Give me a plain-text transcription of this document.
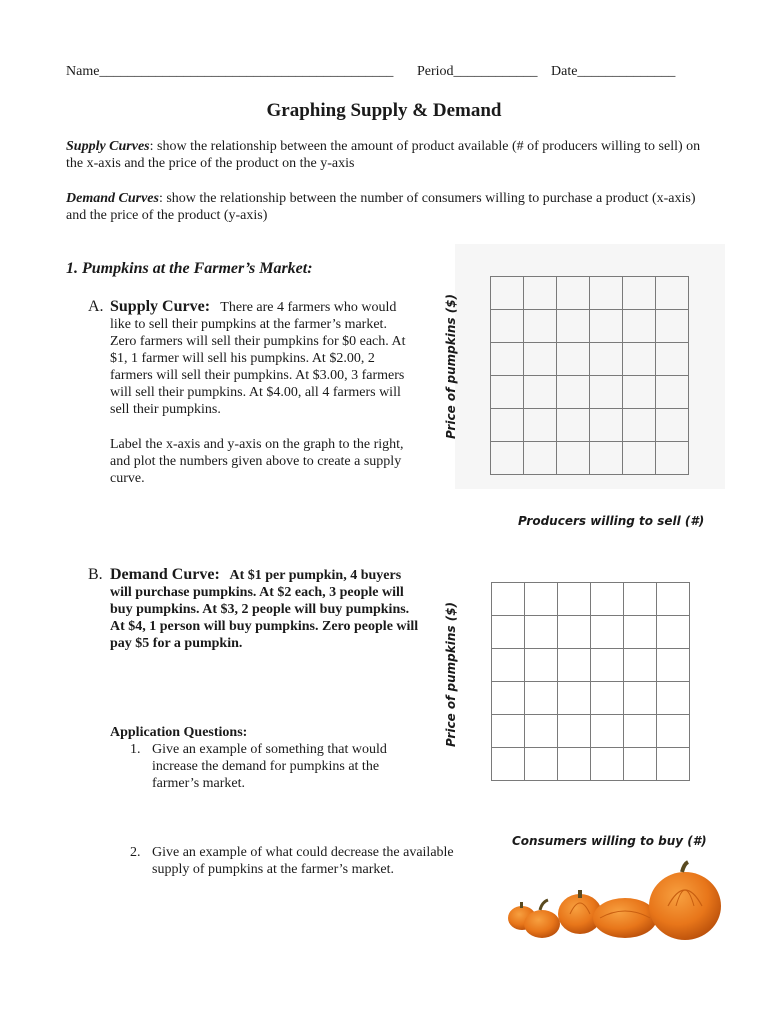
Name__________________________________________ Period____________ Date______________
Graphing Supply & Demand
Supply Curves: show the relationship between the amount of product available (# of producers willing to sell) on the x-axis and the price of the product on the y-axis
Demand Curves: show the relationship between the number of consumers willing to purchase a product (x-axis) and the price of the product (y-axis)
1. Pumpkins at the Farmer’s Market:
A. Supply Curve: There are 4 farmers who would like to sell their pumpkins at the farmer’s market. Zero farmers will sell their pumpkins for $0 each. At $1, 1 farmer will sell his pumpkins. At $2.00, 2 farmers will sell their pumpkins. At $3.00, 3 farmers will sell their pumpkins. At $4.00, all 4 farmers will sell their pumpkins.
Label the x-axis and y-axis on the graph to the right, and plot the numbers given above to create a supply curve.

Price of pumpkins ($)
Producers willing to sell (#)
B. Demand Curve: At $1 per pumpkin, 4 buyers will purchase pumpkins. At $2 each, 3 people will buy pumpkins. At $3, 2 people will buy pumpkins. At $4, 1 person will buy pumpkins. Zero people will pay $5 for a pumpkin.

						Price of pumpkins ($)
Consumers willing to buy (#)
Application Questions:
1. Give an example of something that would increase the demand for pumpkins at the farmer’s market.
2. Give an example of what could decrease the available supply of pumpkins at the farmer’s market.
